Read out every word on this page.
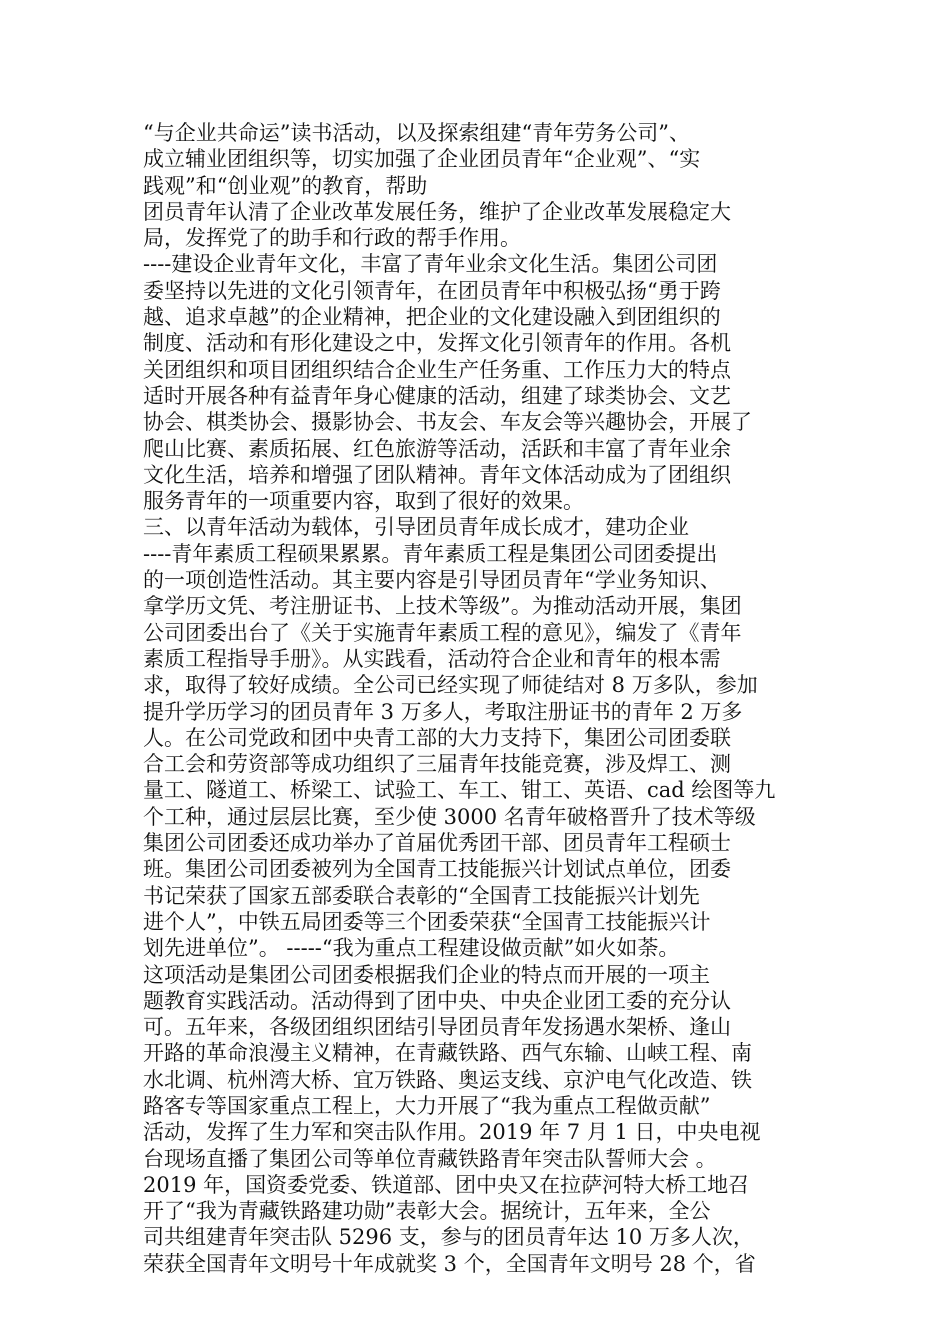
“与企业共命运”读书活动，以及探索组建“青年劳务公司”、
成立辅业团组织等，切实加强了企业团员青年“企业观”、“实
践观”和“创业观”的教育，帮助
团员青年认清了企业改革发展任务，维护了企业改革发展稳定大
局，发挥党了的助手和行政的帮手作用。
----建设企业青年文化，丰富了青年业余文化生活。集团公司团
委坚持以先进的文化引领青年，在团员青年中积极弘扬“勇于跨
越、追求卓越”的企业精神，把企业的文化建设融入到团组织的
制度、活动和有形化建设之中，发挥文化引领青年的作用。各机
关团组织和项目团组织结合企业生产任务重、工作压力大的特点
适时开展各种有益青年身心健康的活动，组建了球类协会、文艺
协会、棋类协会、摄影协会、书友会、车友会等兴趣协会，开展了
爬山比赛、素质拓展、红色旅游等活动，活跃和丰富了青年业余
文化生活，培养和增强了团队精神。青年文体活动成为了团组织
服务青年的一项重要内容，取到了很好的效果。
三、以青年活动为载体，引导团员青年成长成才，建功企业
----青年素质工程硕果累累。青年素质工程是集团公司团委提出
的一项创造性活动。其主要内容是引导团员青年“学业务知识、
拿学历文凭、考注册证书、上技术等级”。为推动活动开展，集团
公司团委出台了《关于实施青年素质工程的意见》，编发了《青年
素质工程指导手册》。从实践看，活动符合企业和青年的根本需
求，取得了较好成绩。全公司已经实现了师徒结对 8 万多队，参加
提升学历学习的团员青年 3 万多人，考取注册证书的青年 2 万多
人。在公司党政和团中央青工部的大力支持下，集团公司团委联
合工会和劳资部等成功组织了三届青年技能竞赛，涉及焊工、测
量工、隧道工、桥梁工、试验工、车工、钳工、英语、cad 绘图等九
个工种，通过层层比赛，至少使 3000 名青年破格晋升了技术等级
集团公司团委还成功举办了首届优秀团干部、团员青年工程硕士
班。集团公司团委被列为全国青工技能振兴计划试点单位，团委
书记荣获了国家五部委联合表彰的“全国青工技能振兴计划先
进个人”，中铁五局团委等三个团委荣获“全国青工技能振兴计
划先进单位”。 -----“我为重点工程建设做贡献”如火如荼。
这项活动是集团公司团委根据我们企业的特点而开展的一项主
题教育实践活动。活动得到了团中央、中央企业团工委的充分认
可。五年来，各级团组织团结引导团员青年发扬遇水架桥、逢山
开路的革命浪漫主义精神，在青藏铁路、西气东输、山峡工程、南
水北调、杭州湾大桥、宜万铁路、奥运支线、京沪电气化改造、铁
路客专等国家重点工程上，大力开展了“我为重点工程做贡献”
活动，发挥了生力军和突击队作用。2019 年 7 月 1 日，中央电视
台现场直播了集团公司等单位青藏铁路青年突击队誓师大会 。
2019 年，国资委党委、铁道部、团中央又在拉萨河特大桥工地召
开了“我为青藏铁路建功勋”表彰大会。据统计，五年来，全公
司共组建青年突击队 5296 支，参与的团员青年达 10 万多人次，
荣获全国青年文明号十年成就奖 3 个，全国青年文明号 28 个，省
